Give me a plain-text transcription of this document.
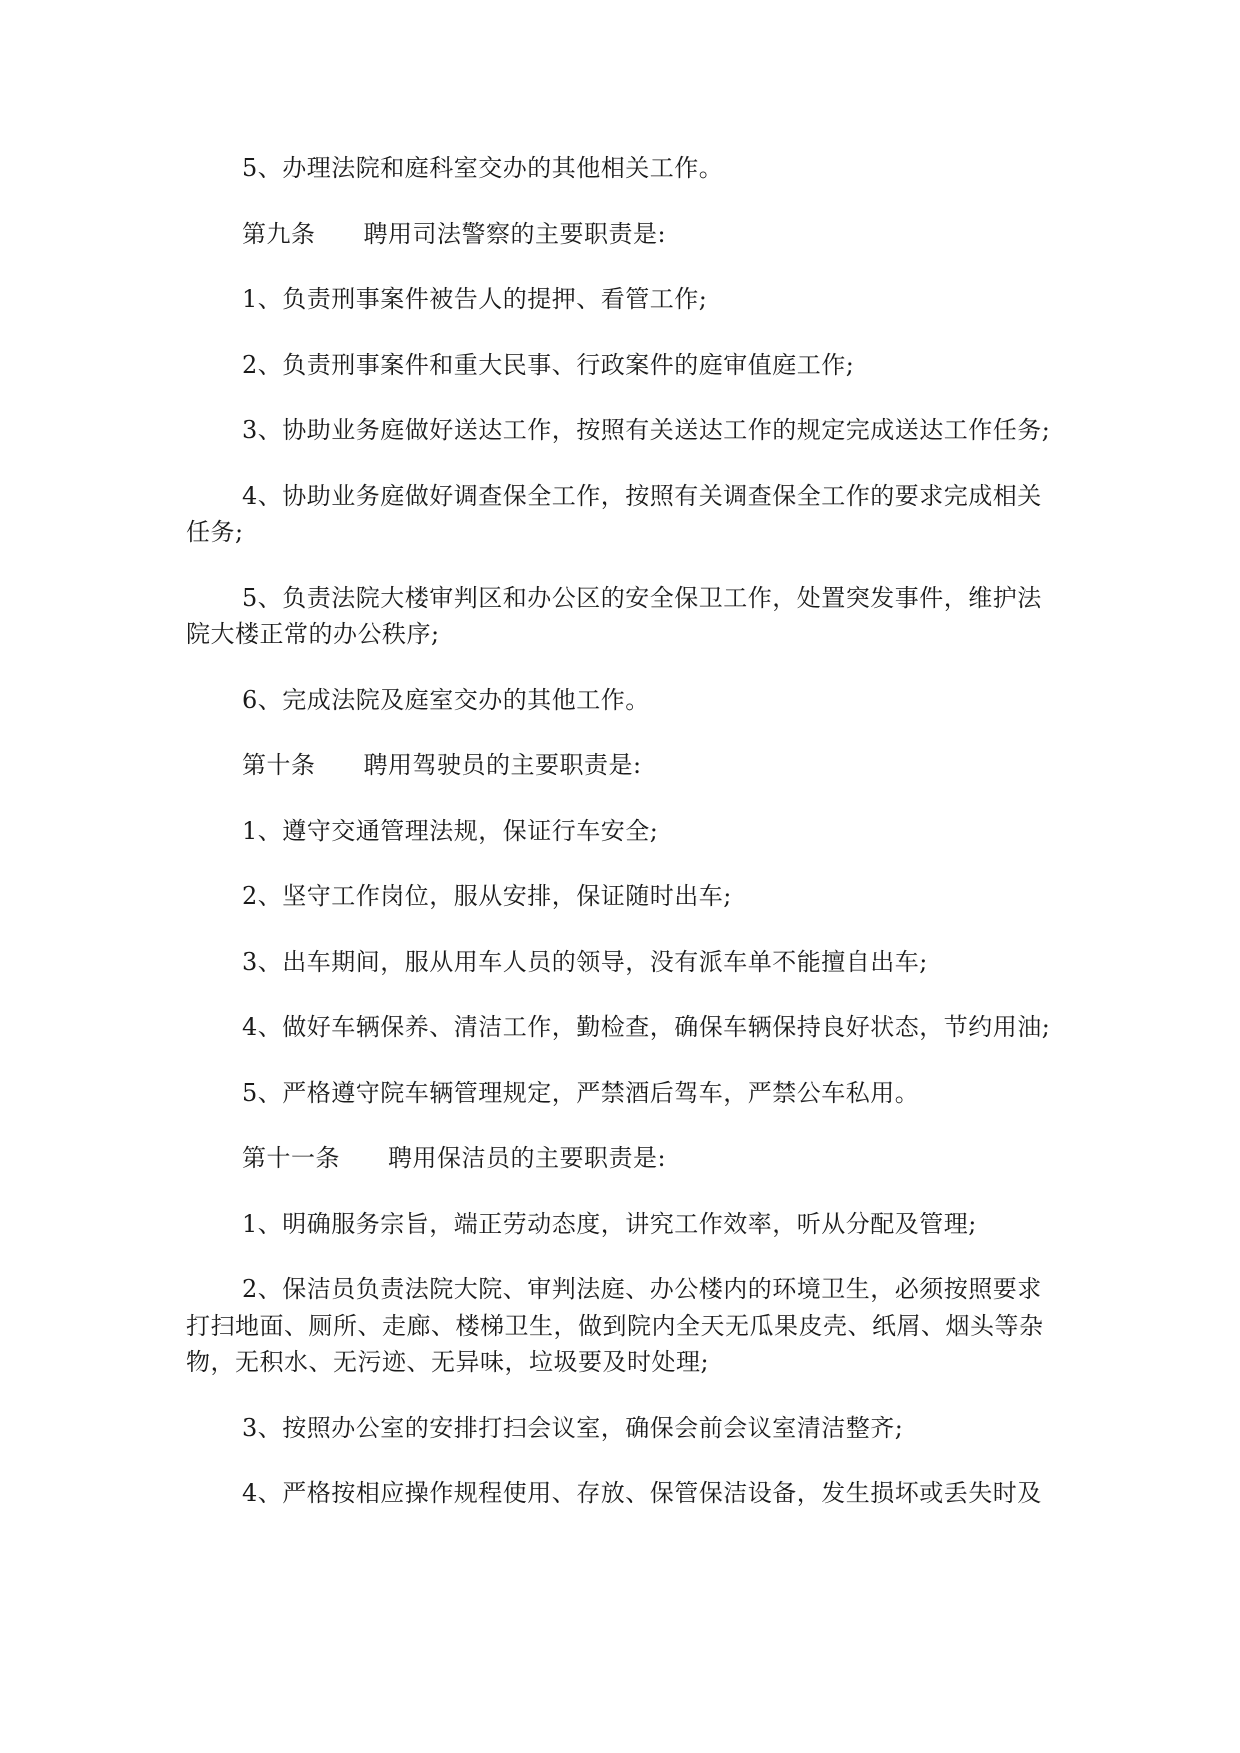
5、办理法院和庭科室交办的其他相关工作。

第九条 聘用司法警察的主要职责是:

1、负责刑事案件被告人的提押、看管工作;

2、负责刑事案件和重大民事、行政案件的庭审值庭工作;

3、协助业务庭做好送达工作，按照有关送达工作的规定完成送达工作任务;

4、协助业务庭做好调查保全工作，按照有关调查保全工作的要求完成相关任务;

5、负责法院大楼审判区和办公区的安全保卫工作，处置突发事件，维护法院大楼正常的办公秩序;

6、完成法院及庭室交办的其他工作。

第十条 聘用驾驶员的主要职责是:

1、遵守交通管理法规，保证行车安全;

2、坚守工作岗位，服从安排，保证随时出车;

3、出车期间，服从用车人员的领导，没有派车单不能擅自出车;

4、做好车辆保养、清洁工作，勤检查，确保车辆保持良好状态，节约用油;

5、严格遵守院车辆管理规定，严禁酒后驾车，严禁公车私用。

第十一条 聘用保洁员的主要职责是:

1、明确服务宗旨，端正劳动态度，讲究工作效率，听从分配及管理;

2、保洁员负责法院大院、审判法庭、办公楼内的环境卫生，必须按照要求打扫地面、厕所、走廊、楼梯卫生，做到院内全天无瓜果皮壳、纸屑、烟头等杂物，无积水、无污迹、无异味，垃圾要及时处理;

3、按照办公室的安排打扫会议室，确保会前会议室清洁整齐;

4、严格按相应操作规程使用、存放、保管保洁设备，发生损坏或丢失时及
